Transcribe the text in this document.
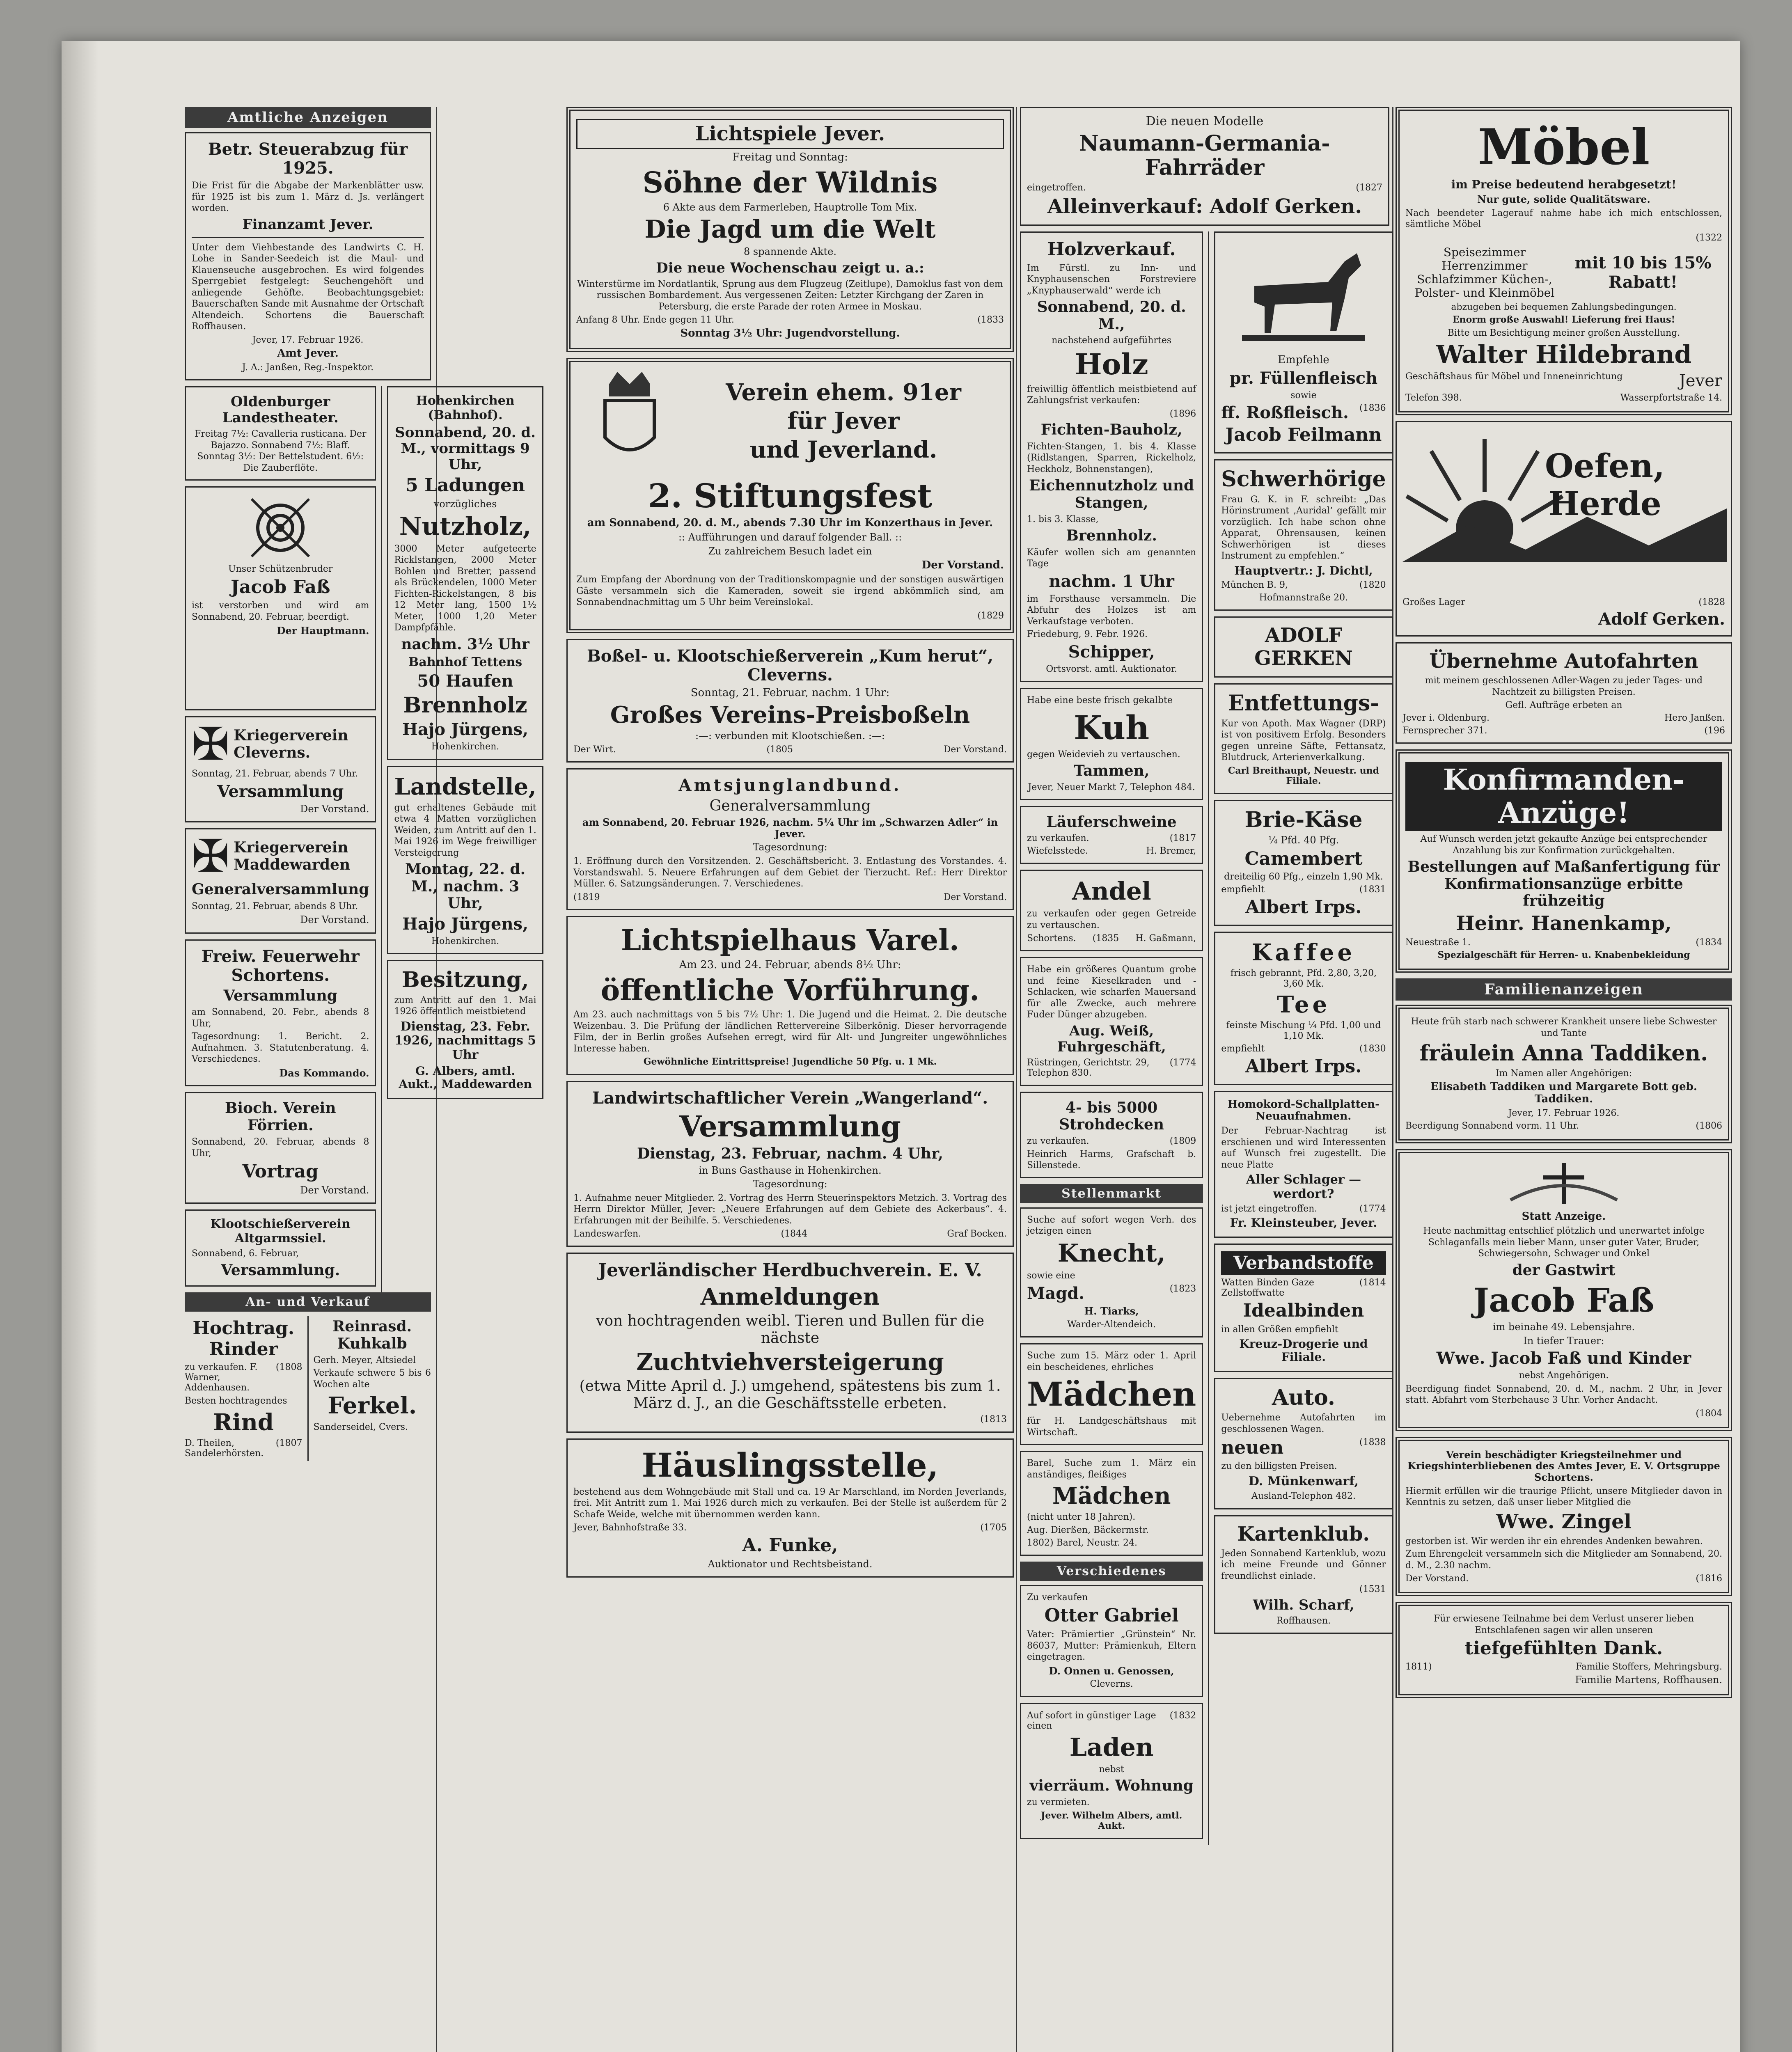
Amtliche Anzeigen
Betr. Steuerabzug für 1925.
Die Frist für die Abgabe der Markenblätter usw. für 1925 ist bis zum 1. März d. Js. verlängert worden.
Finanzamt Jever.
Unter dem Viehbestande des Landwirts C. H. Lohe in Sander-Seedeich ist die Maul- und Klauenseuche ausgebrochen. Es wird folgendes Sperrgebiet festgelegt: Seuchengehöft und anliegende Gehöfte. Beobachtungsgebiet: Bauerschaften Sande mit Ausnahme der Ortschaft Altendeich. Schortens die Bauerschaft Roffhausen.
Jever, 17. Februar 1926.
Amt Jever.
J. A.: Janßen, Reg.-Inspektor.
Oldenburger Landestheater.
Freitag 7½: Cavalleria rusticana. Der Bajazzo. Sonnabend 7½: Blaff. Sonntag 3½: Der Bettelstudent. 6½: Die Zauberflöte.
Unser Schützenbruder
Jacob Faß
ist verstorben und wird am Sonnabend, 20. Februar, beerdigt.
Der Hauptmann.
✠ Kriegerverein Cleverns.
Sonntag, 21. Februar, abends 7 Uhr.
Versammlung
Der Vorstand.
✠ Kriegerverein Maddewarden
Generalversammlung
Sonntag, 21. Februar, abends 8 Uhr.
Der Vorstand.
Freiw. Feuerwehr Schortens.
Versammlung
am Sonnabend, 20. Febr., abends 8 Uhr,
Tagesordnung: 1. Bericht. 2. Aufnahmen. 3. Statutenberatung. 4. Verschiedenes.
Das Kommando.
Bioch. Verein Förrien.
Sonnabend, 20. Februar, abends 8 Uhr,
Vortrag
Der Vorstand.
Klootschießerverein Altgarmssiel.
Sonnabend, 6. Februar,
Versammlung.
Hohenkirchen (Bahnhof).
Sonnabend, 20. d. M., vormittags 9 Uhr,
5 Ladungen
vorzügliches
Nutzholz,
3000 Meter aufgeteerte Ricklstangen, 2000 Meter Bohlen und Bretter, passend als Brückendelen, 1000 Meter Fichten-Rickelstangen, 8 bis 12 Meter lang, 1500 1½ Meter, 1000 1,20 Meter Dampfpfähle.
nachm. 3½ Uhr
Bahnhof Tettens
50 Haufen
Brennholz
Hajo Jürgens,
Hohenkirchen.
Landstelle,
gut erhaltenes Gebäude mit etwa 4 Matten vorzüglichen Weiden, zum Antritt auf den 1. Mai 1926 im Wege freiwilliger Versteigerung
Montag, 22. d. M., nachm. 3 Uhr,
Hajo Jürgens,
Hohenkirchen.
Besitzung,
zum Antritt auf den 1. Mai 1926 öffentlich meistbietend
Dienstag, 23. Febr. 1926, nachmittags 5 Uhr
G. Albers, amtl. Aukt., Maddewarden
An- und Verkauf
Hochtrag. Rinder
zu verkaufen. F. Warner, Addenhausen.
(1808
Besten hochtragendes
Rind
D. Theilen, Sandelerhörsten.
(1807
Reinrasd. Kuhkalb
Gerh. Meyer, Altsiedel
Verkaufe schwere 5 bis 6 Wochen alte
Ferkel.
Sanderseidel, Cvers.
Lichtspiele Jever.
Freitag und Sonntag:
Söhne der Wildnis
6 Akte aus dem Farmerleben, Hauptrolle Tom Mix.
Die Jagd um die Welt
8 spannende Akte.
Die neue Wochenschau zeigt u. a.:
Winterstürme im Nordatlantik, Sprung aus dem Flugzeug (Zeitlupe), Damoklus fast von dem russischen Bombardement. Aus vergessenen Zeiten: Letzter Kirchgang der Zaren in Petersburg, die erste Parade der roten Armee in Moskau.
Anfang 8 Uhr. Ende gegen 11 Uhr.	(1833
Sonntag 3½ Uhr: Jugendvorstellung.
Verein ehem. 91er
für Jever
und Jeverland.
2. Stiftungsfest
am Sonnabend, 20. d. M., abends 7.30 Uhr im Konzerthaus in Jever.
:: Aufführungen und darauf folgender Ball. ::
Zu zahlreichem Besuch ladet ein
Der Vorstand.
Zum Empfang der Abordnung von der Traditionskompagnie und der sonstigen auswärtigen Gäste versammeln sich die Kameraden, soweit sie irgend abkömmlich sind, am Sonnabendnachmittag um 5 Uhr beim Vereinslokal.
(1829
Boßel- u. Klootschießerverein „Kum herut“, Cleverns.
Sonntag, 21. Februar, nachm. 1 Uhr:
Großes Vereins-Preisboßeln
:—: verbunden mit Klootschießen. :—:
Der Wirt.	(1805	Der Vorstand.
Amtsjunglandbund.
Generalversammlung
am Sonnabend, 20. Februar 1926, nachm. 5¼ Uhr im „Schwarzen Adler“ in Jever.
Tagesordnung:
1. Eröffnung durch den Vorsitzenden. 2. Geschäftsbericht. 3. Entlastung des Vorstandes. 4. Vorstandswahl. 5. Neuere Erfahrungen auf dem Gebiet der Tierzucht. Ref.: Herr Direktor Müller. 6. Satzungsänderungen. 7. Verschiedenes.
(1819	Der Vorstand.
Lichtspielhaus Varel.
Am 23. und 24. Februar, abends 8½ Uhr:
öffentliche Vorführung.
Am 23. auch nachmittags von 5 bis 7½ Uhr: 1. Die Jugend und die Heimat. 2. Die deutsche Weizenbau. 3. Die Prüfung der ländlichen Rettervereine Silberkönig. Dieser hervorragende Film, der in Berlin großes Aufsehen erregt, wird für Alt- und Jungreiter ungewöhnliches Interesse haben.
Gewöhnliche Eintrittspreise! Jugendliche 50 Pfg. u. 1 Mk.
Landwirtschaftlicher Verein „Wangerland“.
Versammlung
Dienstag, 23. Februar, nachm. 4 Uhr,
in Buns Gasthause in Hohenkirchen.
Tagesordnung:
1. Aufnahme neuer Mitglieder. 2. Vortrag des Herrn Steuerinspektors Metzich. 3. Vortrag des Herrn Direktor Müller, Jever: „Neuere Erfahrungen auf dem Gebiete des Ackerbaus“. 4. Erfahrungen mit der Beihilfe. 5. Verschiedenes.
Landeswarfen.	(1844	Graf Bocken.
Jeverländischer Herdbuchverein. E. V.
Anmeldungen
von hochtragenden weibl. Tieren und Bullen für die nächste
Zuchtviehversteigerung
(etwa Mitte April d. J.) umgehend, spätestens bis zum 1. März d. J., an die Geschäftsstelle erbeten.
(1813
Häuslingsstelle,
bestehend aus dem Wohngebäude mit Stall und ca. 19 Ar Marschland, im Norden Jeverlands, frei. Mit Antritt zum 1. Mai 1926 durch mich zu verkaufen. Bei der Stelle ist außerdem für 2 Schafe Weide, welche mit übernommen werden kann.
Jever, Bahnhofstraße 33.	(1705
A. Funke,
Auktionator und Rechtsbeistand.
Die neuen Modelle
Naumann-Germania-Fahrräder
eingetroffen.	(1827
Alleinverkauf: Adolf Gerken.
Holzverkauf.
Im Fürstl. zu Inn- und Knyphausenschen Forstreviere „Knyphauserwald“ werde ich
Sonnabend, 20. d. M.,
nachstehend aufgeführtes
Holz
freiwillig öffentlich meistbietend auf Zahlungsfrist verkaufen:
(1896
Fichten-Bauholz,
Fichten-Stangen, 1. bis 4. Klasse (Ridlstangen, Sparren, Rickelholz, Heckholz, Bohnenstangen),
Eichennutzholz und Stangen,
1. bis 3. Klasse,
Brennholz.
Käufer wollen sich am genannten Tage
nachm. 1 Uhr
im Forsthause versammeln. Die Abfuhr des Holzes ist am Verkaufstage verboten.
Friedeburg, 9. Febr. 1926.
Schipper,
Ortsvorst. amtl. Auktionator.
Habe eine beste frisch gekalbte
Kuh
gegen Weidevieh zu vertauschen.
Tammen,
Jever, Neuer Markt 7, Telephon 484.
Läuferschweine
zu verkaufen.	(1817
Wiefelsstede.	H. Bremer,
Andel
zu verkaufen oder gegen Getreide zu vertauschen.
Schortens. (1835 H. Gaßmann,
Habe ein größeres Quantum grobe und feine Kieselkraden und -Schlacken, wie scharfen Mauersand für alle Zwecke, auch mehrere Fuder Dünger abzugeben.
Aug. Weiß, Fuhrgeschäft,
Rüstringen, Gerichtstr. 29, Telephon 830.
(1774
4- bis 5000 Strohdecken
zu verkaufen.	(1809
Heinrich Harms, Grafschaft b. Sillenstede.
Stellenmarkt
Suche auf sofort wegen Verh. des jetzigen einen
Knecht,
sowie eine
Magd.	(1823
H. Tiarks,
Warder-Altendeich.
Suche zum 15. März oder 1. April ein bescheidenes, ehrliches
Mädchen
für H. Landgeschäftshaus mit Wirtschaft.
Barel, Suche zum 1. März ein anständiges, fleißiges
Mädchen
(nicht unter 18 Jahren).
Aug. Dierßen, Bäckermstr.
1802) Barel, Neustr. 24.
Verschiedenes
Zu verkaufen
Otter Gabriel
Vater: Prämiertier „Grünstein“ Nr. 86037, Mutter: Prämienkuh, Eltern eingetragen.
D. Onnen u. Genossen,
Cleverns.
Auf sofort in günstiger Lage einen
(1832
Laden
nebst
vierräum. Wohnung
zu vermieten.
Jever. Wilhelm Albers, amtl. Aukt.
Empfehle
pr. Füllenfleisch
sowie
ff. Roßfleisch. (1836
Jacob Feilmann
Schwerhörige
Frau G. K. in F. schreibt: „Das Hörinstrument ‚Auridal‘ gefällt mir vorzüglich. Ich habe schon ohne Apparat, Ohrensausen, keinen Schwerhörigen ist dieses Instrument zu empfehlen.“
Hauptvertr.: J. Dichtl,
München B. 9,	(1820
Hofmannstraße 20.
ADOLF GERKEN
Entfettungs-
Kur von Apoth. Max Wagner (DRP) ist von positivem Erfolg. Besonders gegen unreine Säfte, Fettansatz, Blutdruck, Arterienverkalkung.
Carl Breithaupt, Neuestr. und Filiale.
Brie-Käse
¼ Pfd. 40 Pfg.
Camembert
dreiteilig 60 Pfg., einzeln 1,90 Mk.
empfiehlt	(1831
Albert Irps.
Kaffee
frisch gebrannt, Pfd. 2,80, 3,20, 3,60 Mk.
Tee
feinste Mischung ¼ Pfd. 1,00 und 1,10 Mk.
empfiehlt	(1830
Albert Irps.
Homokord-Schallplatten-Neuaufnahmen.
Der Februar-Nachtrag ist erschienen und wird Interessenten auf Wunsch frei zugestellt. Die neue Platte
Aller Schlager — werdort?
ist jetzt eingetroffen.	(1774
Fr. Kleinsteuber, Jever.
Verbandstoffe
Watten Binden Gaze Zellstoffwatte
(1814
Idealbinden
in allen Größen empfiehlt
Kreuz-Drogerie und Filiale.
Auto.
Uebernehme Autofahrten im geschlossenen Wagen.
neuen	(1838
zu den billigsten Preisen.
D. Münkenwarf,
Ausland-Telephon 482.
Kartenklub.
Jeden Sonnabend Kartenklub, wozu ich meine Freunde und Gönner freundlichst einlade.
(1531
Wilh. Scharf,
Roffhausen.
Möbel
im Preise bedeutend herabgesetzt!
Nur gute, solide Qualitätsware.
Nach beendeter Lagerauf nahme habe ich mich entschlossen, sämtliche Möbel
(1322
Speisezimmer Herrenzimmer Schlafzimmer Küchen-, Polster- und Kleinmöbel
mit 10 bis 15% Rabatt!
abzugeben bei bequemen Zahlungsbedingungen.
Enorm große Auswahl! Lieferung frei Haus!
Bitte um Besichtigung meiner großen Ausstellung.
Walter Hildebrand
Geschäftshaus für Möbel und Inneneinrichtung	Jever
Telefon 398.	Wasserpfortstraße 14.
Oefen, Herde
Großes Lager	(1828
Adolf Gerken.
Übernehme Autofahrten
mit meinem geschlossenen Adler-Wagen zu jeder Tages- und Nachtzeit zu billigsten Preisen.
Gefl. Aufträge erbeten an
Jever i. Oldenburg.	Hero Janßen.
Fernsprecher 371.	(196
Konfirmanden-Anzüge!
Auf Wunsch werden jetzt gekaufte Anzüge bei entsprechender Anzahlung bis zur Konfirmation zurückgehalten.
Bestellungen auf Maßanfertigung für Konfirmationsanzüge erbitte frühzeitig
Heinr. Hanenkamp,
Neuestraße 1.	(1834
Spezialgeschäft für Herren- u. Knabenbekleidung
Familienanzeigen
Heute früh starb nach schwerer Krankheit unsere liebe Schwester und Tante
fräulein Anna Taddiken.
Im Namen aller Angehörigen:
Elisabeth Taddiken und Margarete Bott geb. Taddiken.
Jever, 17. Februar 1926.
Beerdigung Sonnabend vorm. 11 Uhr.	(1806
Statt Anzeige.
Heute nachmittag entschlief plötzlich und unerwartet infolge Schlaganfalls mein lieber Mann, unser guter Vater, Bruder, Schwiegersohn, Schwager und Onkel
der Gastwirt
Jacob Faß
im beinahe 49. Lebensjahre.
In tiefer Trauer:
Wwe. Jacob Faß und Kinder
nebst Angehörigen.
Beerdigung findet Sonnabend, 20. d. M., nachm. 2 Uhr, in Jever statt. Abfahrt vom Sterbehause 3 Uhr. Vorher Andacht.
(1804
Verein beschädigter Kriegsteilnehmer und Kriegshinterbliebenen des Amtes Jever, E. V. Ortsgruppe Schortens.
Hiermit erfüllen wir die traurige Pflicht, unsere Mitglieder davon in Kenntnis zu setzen, daß unser lieber Mitglied die
Wwe. Zingel
gestorben ist. Wir werden ihr ein ehrendes Andenken bewahren.
Zum Ehrengeleit versammeln sich die Mitglieder am Sonnabend, 20. d. M., 2.30 nachm.
Der Vorstand.	(1816
Für erwiesene Teilnahme bei dem Verlust unserer lieben Entschlafenen sagen wir allen unseren
tiefgefühlten Dank.
1811)	Familie Stoffers, Mehringsburg.
Familie Martens, Roffhausen.
